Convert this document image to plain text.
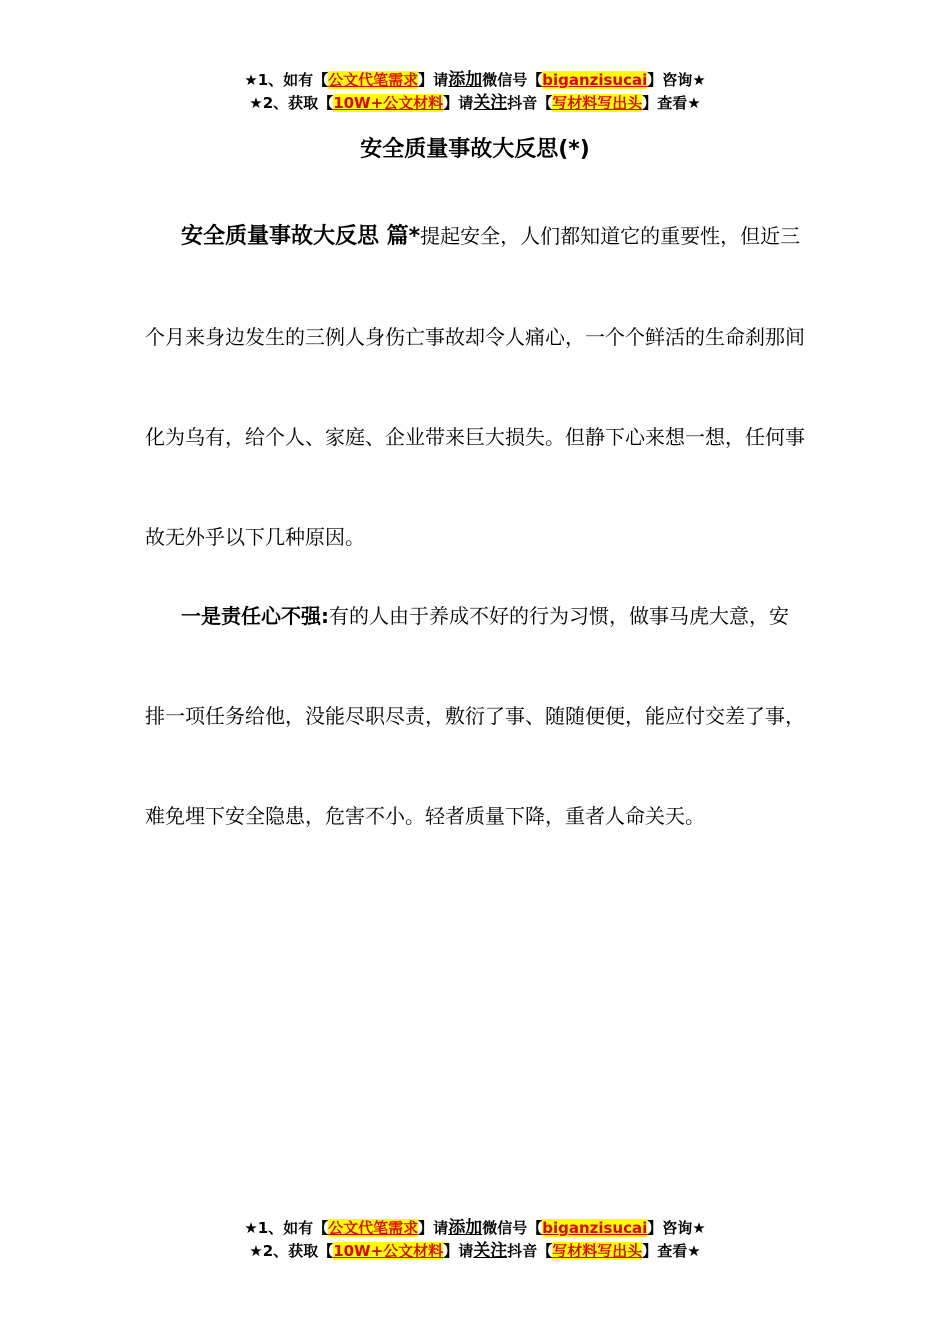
★1、如有【公文代笔需求】请添加微信号【biganzisucai】咨询★
★2、获取【10W+公文材料】请关注抖音【写材料写出头】查看★
安全质量事故大反思(*)

安全质量事故大反思 篇*提起安全，人们都知道它的重要性，但近三个月来身边发生的三例人身伤亡事故却令人痛心，一个个鲜活的生命刹那间化为乌有，给个人、家庭、企业带来巨大损失。但静下心来想一想，任何事故无外乎以下几种原因。

一是责任心不强:有的人由于养成不好的行为习惯，做事马虎大意，安排一项任务给他，没能尽职尽责，敷衍了事、随随便便，能应付交差了事，难免埋下安全隐患，危害不小。轻者质量下降，重者人命关天。

★1、如有【公文代笔需求】请添加微信号【biganzisucai】咨询★
★2、获取【10W+公文材料】请关注抖音【写材料写出头】查看★
